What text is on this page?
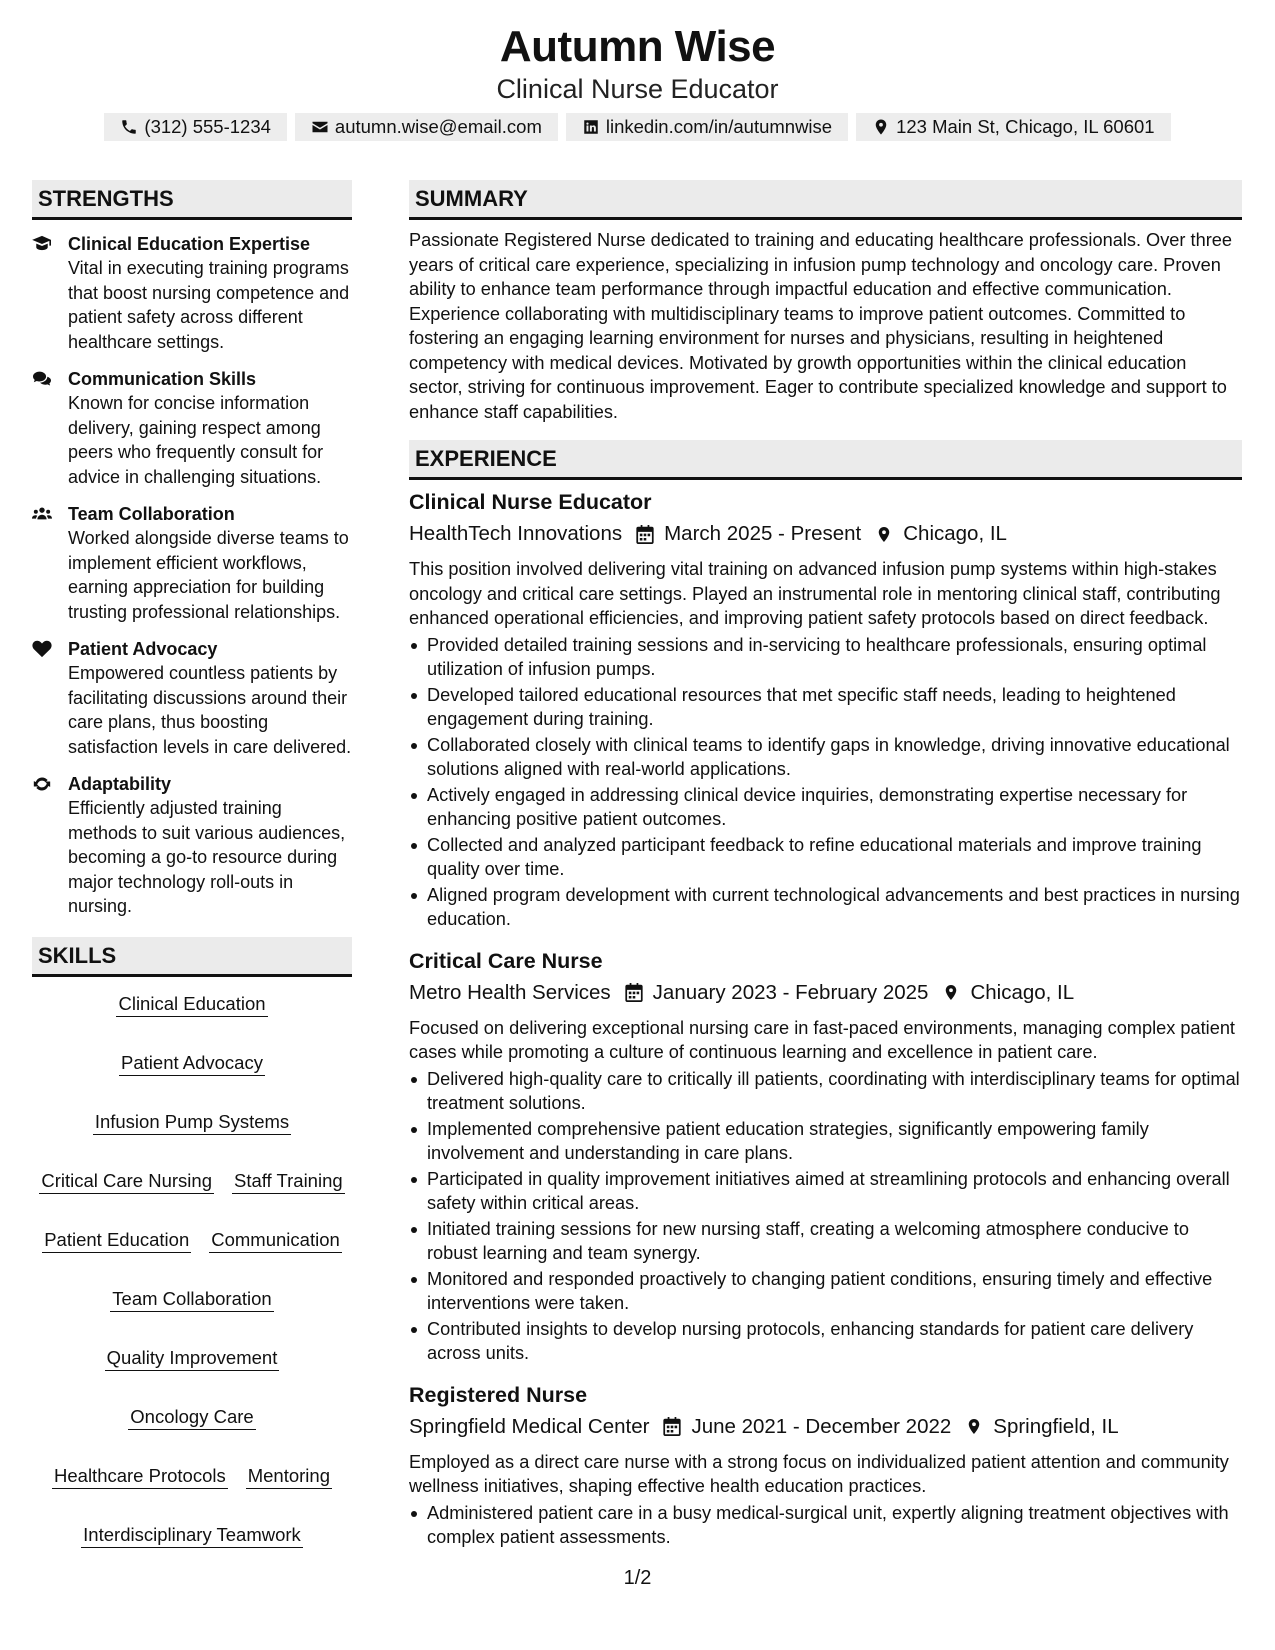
Autumn Wise
Clinical Nurse Educator
(312) 555-1234	autumn.wise@email.com	linkedin.com/in/autumnwise	123 Main St, Chicago, IL 60601
STRENGTHS
Clinical Education Expertise
Vital in executing training programs that boost nursing competence and patient safety across different healthcare settings.
Communication Skills
Known for concise information delivery, gaining respect among peers who frequently consult for advice in challenging situations.
Team Collaboration
Worked alongside diverse teams to implement efficient workflows, earning appreciation for building trusting professional relationships.
Patient Advocacy
Empowered countless patients by facilitating discussions around their care plans, thus boosting satisfaction levels in care delivered.
Adaptability
Efficiently adjusted training methods to suit various audiences, becoming a go-to resource during major technology roll-outs in nursing.
SKILLS
Clinical Education
Patient Advocacy
Infusion Pump Systems
Critical Care Nursing Staff Training
Patient Education Communication
Team Collaboration
Quality Improvement
Oncology Care
Healthcare Protocols Mentoring
Interdisciplinary Teamwork
SUMMARY
Passionate Registered Nurse dedicated to training and educating healthcare professionals. Over three years of critical care experience, specializing in infusion pump technology and oncology care. Proven ability to enhance team performance through impactful education and effective communication. Experience collaborating with multidisciplinary teams to improve patient outcomes. Committed to fostering an engaging learning environment for nurses and physicians, resulting in heightened competency with medical devices. Motivated by growth opportunities within the clinical education sector, striving for continuous improvement. Eager to contribute specialized knowledge and support to enhance staff capabilities.
EXPERIENCE
Clinical Nurse Educator
HealthTech Innovations March 2025 - Present Chicago, IL
This position involved delivering vital training on advanced infusion pump systems within high-stakes oncology and critical care settings. Played an instrumental role in mentoring clinical staff, contributing enhanced operational efficiencies, and improving patient safety protocols based on direct feedback.
Provided detailed training sessions and in-servicing to healthcare professionals, ensuring optimal utilization of infusion pumps.
Developed tailored educational resources that met specific staff needs, leading to heightened engagement during training.
Collaborated closely with clinical teams to identify gaps in knowledge, driving innovative educational solutions aligned with real-world applications.
Actively engaged in addressing clinical device inquiries, demonstrating expertise necessary for enhancing positive patient outcomes.
Collected and analyzed participant feedback to refine educational materials and improve training quality over time.
Aligned program development with current technological advancements and best practices in nursing education.
Critical Care Nurse
Metro Health Services January 2023 - February 2025 Chicago, IL
Focused on delivering exceptional nursing care in fast-paced environments, managing complex patient cases while promoting a culture of continuous learning and excellence in patient care.
Delivered high-quality care to critically ill patients, coordinating with interdisciplinary teams for optimal treatment solutions.
Implemented comprehensive patient education strategies, significantly empowering family involvement and understanding in care plans.
Participated in quality improvement initiatives aimed at streamlining protocols and enhancing overall safety within critical areas.
Initiated training sessions for new nursing staff, creating a welcoming atmosphere conducive to robust learning and team synergy.
Monitored and responded proactively to changing patient conditions, ensuring timely and effective interventions were taken.
Contributed insights to develop nursing protocols, enhancing standards for patient care delivery across units.
Registered Nurse
Springfield Medical Center June 2021 - December 2022 Springfield, IL
Employed as a direct care nurse with a strong focus on individualized patient attention and community wellness initiatives, shaping effective health education practices.
Administered patient care in a busy medical-surgical unit, expertly aligning treatment objectives with complex patient assessments.
1/2
